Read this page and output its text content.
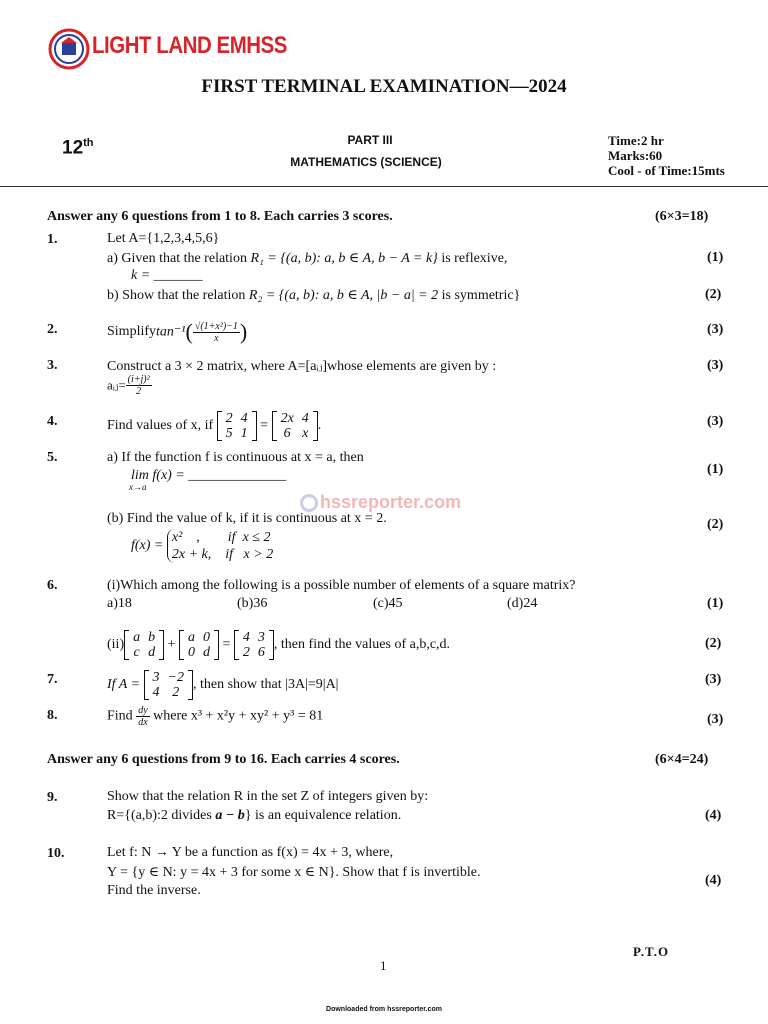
LIGHT LAND EMHSS
FIRST TERMINAL EXAMINATION––2024
12th	PART III
MATHEMATICS (SCIENCE)
Time:2 hr
Marks:60
Cool - of Time:15mts
hssreporter.com
Answer any 6 questions from 1 to 8. Each carries 3 scores.	(6×3=18)
1.	Let A={1,2,3,4,5,6}
a) Given that the relation R₁ = {(a, b): a, b ∈ A, b − A = k} is reflexive,	(1)
k = _______
b) Show that the relation R₂ = {(a, b): a, b ∈ A, |b − a| = 2 is symmetric}	(2)
2.	Simplifytan⁻¹( $\frac{\text{√(1+x²)−1}}{x}$ )	(3)
3.	Construct a 3 × 2 matrix, where A=[aᵢⱼ]whose elements are given by :
aᵢⱼ= $\frac{\text{(i+j)²}}{2}$
(3)
4.	Find values of x, if 2	4
5	1
= 2x	4
6	x
.	(3)
5.	a) If the function f is continuous at x = a, then
lim f(x) = ______________
x→a
(1)
(b) Find the value of k, if it is continuous at x = 2.	(2)
f(x) =
x²    ,        if  x ≤ 2
2x + k,    if   x > 2
6.	(i)Which among the following is a possible number of elements of a square matrix?
a)18	(b)36	(c)45	(d)24	(1)
(ii) a	b
c	d
+ a	0
0	d
= 4	3
2	6
, then find the values of a,b,c,d.	(2)
7.	If A = 3	−2
4	2
, then show that |3A|=9|A|	(3)
8.	Find $\frac{dy}{dx}$ where x³ + x²y + xy² + y³ = 81	(3)
Answer any 6 questions from 9 to 16. Each carries 4 scores.	(6×4=24)
9.	Show that the relation R in the set Z of integers given by:
R={(a,b):2 divides a − b} is an equivalence relation.	(4)
10.	Let f: N → Y be a function as f(x) = 4x + 3, where,
Y = {y ∈ N: y = 4x + 3 for some x ∈ N}. Show that f is invertible.
Find the inverse.
(4)
P.T.O
1
Downloaded from hssreporter.com
